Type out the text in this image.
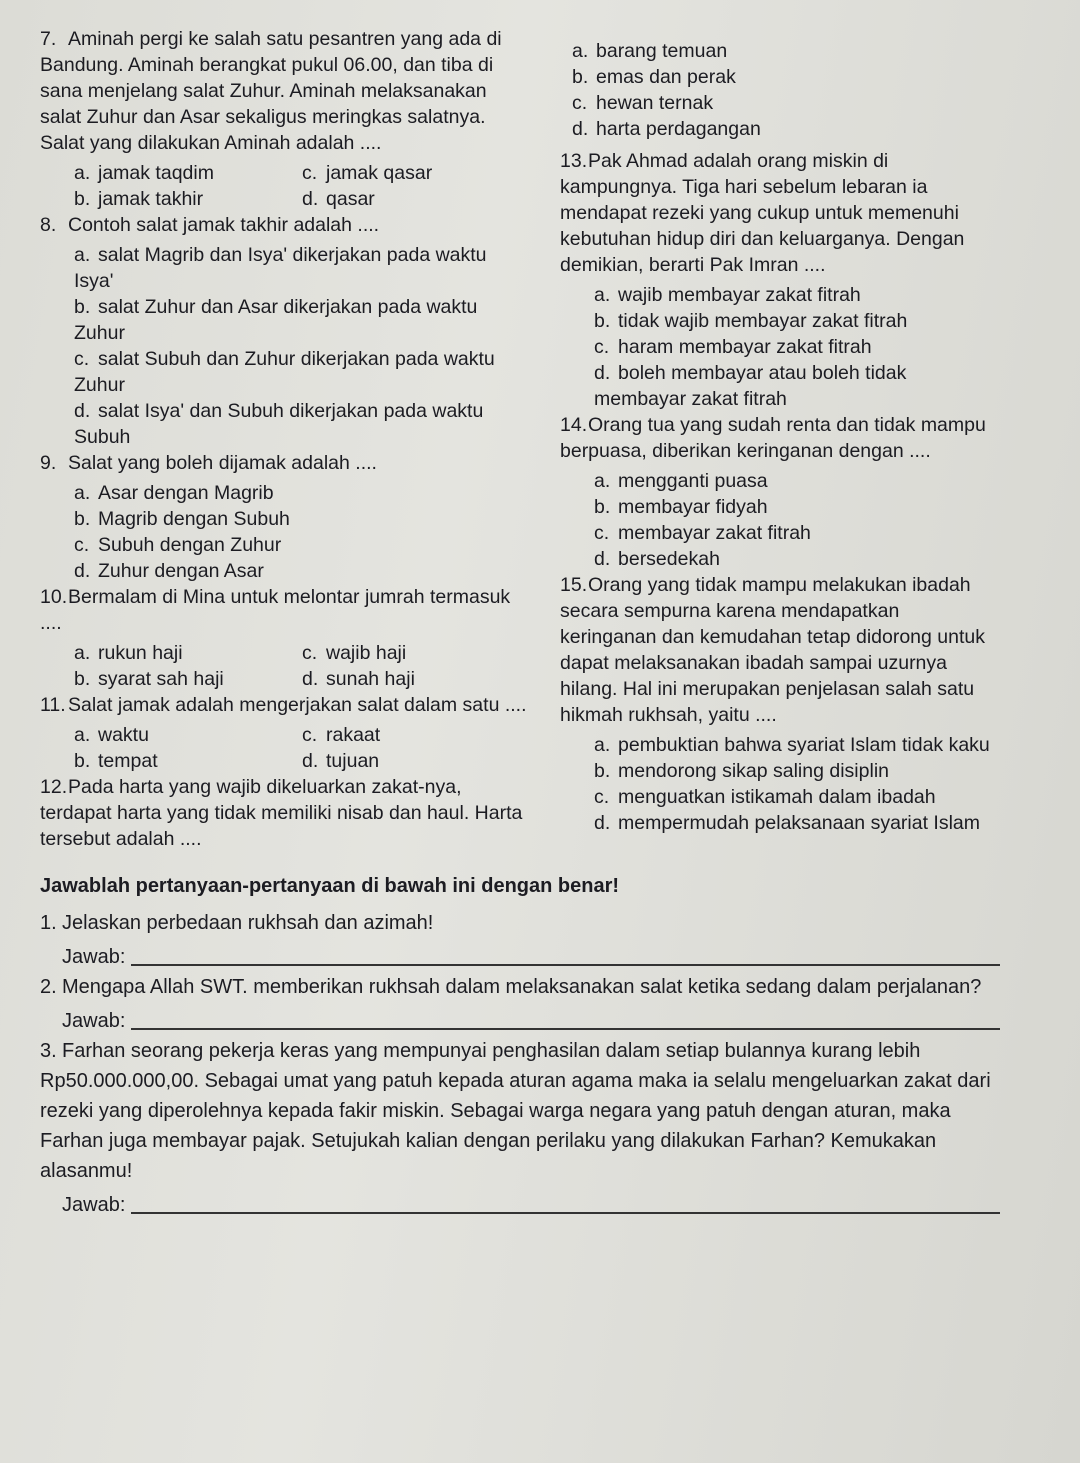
7. Aminah pergi ke salah satu pesantren yang ada di Bandung. Aminah berangkat pukul 06.00, dan tiba di sana menjelang salat Zuhur. Aminah melaksanakan salat Zuhur dan Asar sekaligus meringkas salatnya. Salat yang dilakukan Aminah adalah ....
a. jamak taqdim	c. jamak qasar
b. jamak takhir	d. qasar
8. Contoh salat jamak takhir adalah ....
a. salat Magrib dan Isya' dikerjakan pada waktu Isya'
b. salat Zuhur dan Asar dikerjakan pada waktu Zuhur
c. salat Subuh dan Zuhur dikerjakan pada waktu Zuhur
d. salat Isya' dan Subuh dikerjakan pada waktu Subuh
9. Salat yang boleh dijamak adalah ....
a. Asar dengan Magrib
b. Magrib dengan Subuh
c. Subuh dengan Zuhur
d. Zuhur dengan Asar
10.Bermalam di Mina untuk melontar jumrah termasuk ....
a. rukun haji	c. wajib haji
b. syarat sah haji	d. sunah haji
11. Salat jamak adalah mengerjakan salat dalam satu ....
a. waktu	c. rakaat
b. tempat	d. tujuan
12.Pada harta yang wajib dikeluarkan zakat-nya, terdapat harta yang tidak memiliki nisab dan haul. Harta tersebut adalah ....
a. barang temuan
b. emas dan perak
c. hewan ternak
d. harta perdagangan
13.Pak Ahmad adalah orang miskin di kampungnya. Tiga hari sebelum lebaran ia mendapat rezeki yang cukup untuk memenuhi kebutuhan hidup diri dan keluarganya. Dengan demikian, berarti Pak Imran ....
a. wajib membayar zakat fitrah
b. tidak wajib membayar zakat fitrah
c. haram membayar zakat fitrah
d. boleh membayar atau boleh tidak membayar zakat fitrah
14.Orang tua yang sudah renta dan tidak mampu berpuasa, diberikan keringanan dengan ....
a. mengganti puasa
b. membayar fidyah
c. membayar zakat fitrah
d. bersedekah
15.Orang yang tidak mampu melakukan ibadah secara sempurna karena mendapatkan keringanan dan kemudahan tetap didorong untuk dapat melaksanakan ibadah sampai uzurnya hilang. Hal ini merupakan penjelasan salah satu hikmah rukhsah, yaitu ....
a. pembuktian bahwa syariat Islam tidak kaku
b. mendorong sikap saling disiplin
c. menguatkan istikamah dalam ibadah
d. mempermudah pelaksanaan syariat Islam
Jawablah pertanyaan-pertanyaan di bawah ini dengan benar!
1. Jelaskan perbedaan rukhsah dan azimah!
Jawab:
2. Mengapa Allah SWT. memberikan rukhsah dalam melaksanakan salat ketika sedang dalam perjalanan?
Jawab:
3. Farhan seorang pekerja keras yang mempunyai penghasilan dalam setiap bulannya kurang lebih Rp50.000.000,00. Sebagai umat yang patuh kepada aturan agama maka ia selalu mengeluarkan zakat dari rezeki yang diperolehnya kepada fakir miskin. Sebagai warga negara yang patuh dengan aturan, maka Farhan juga membayar pajak. Setujukah kalian dengan perilaku yang dilakukan Farhan? Kemukakan alasanmu!
Jawab:
